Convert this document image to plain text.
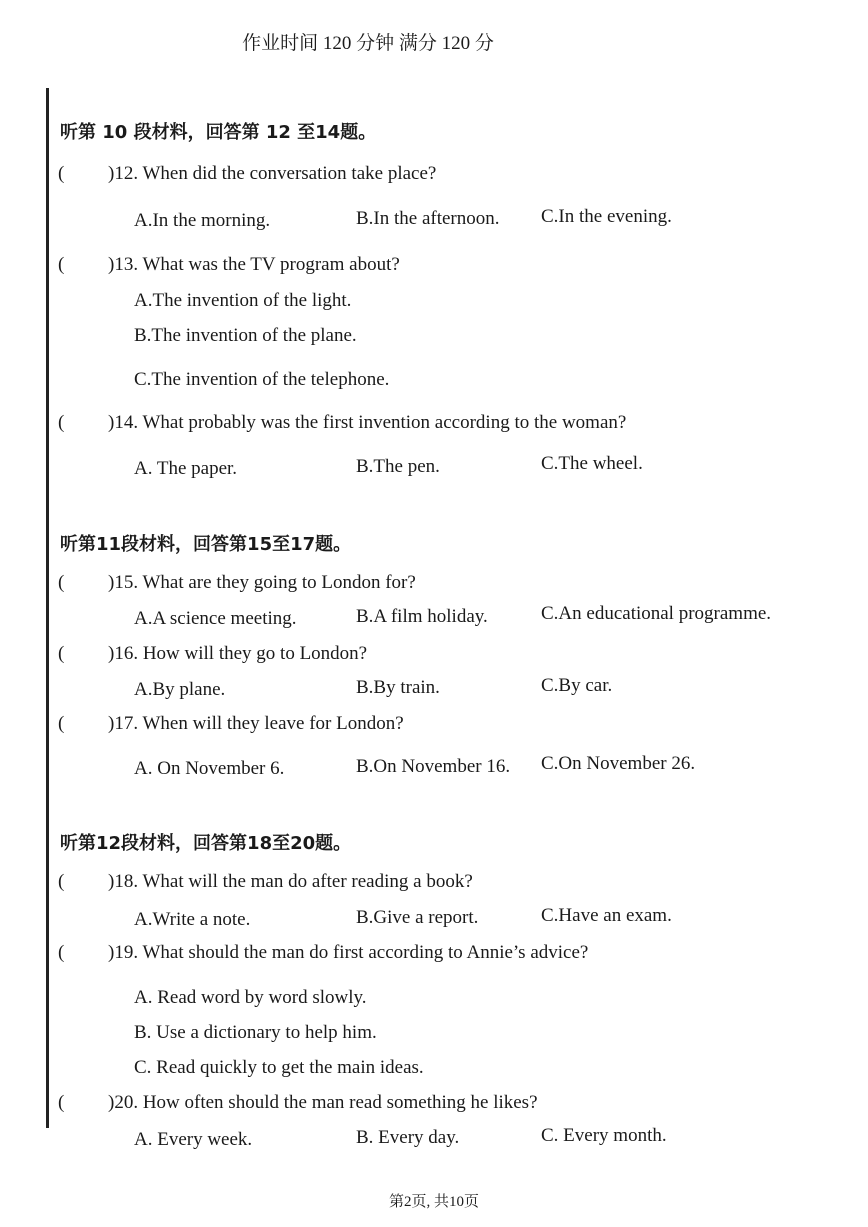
作业时间 120 分钟 满分 120 分
听第 10 段材料，回答第 12 至14题。
( )12. When did the conversation take place?
A.In the morning.	B.In the afternoon. C.In the evening.
( )13. What was the TV program about?
A.The invention of the light.
B.The invention of the plane.
C.The invention of the telephone.
( )14. What probably was the first invention according to the woman?
A. The paper.	B.The pen.	C.The wheel.
听第11段材料，回答第15至17题。
( )15. What are they going to London for?
A.A science meeting.	B.A film holiday.	C.An educational programme.
( )16. How will they go to London?
A.By plane.	B.By train.	C.By car.
( )17. When will they leave for London?
A. On November 6.	B.On November 16. C.On November 26.
听第12段材料，回答第18至20题。
( )18. What will the man do after reading a book?
A.Write a note.	B.Give a report.	C.Have an exam.
( )19. What should the man do first according to Annie’s advice?
A. Read word by word slowly.
B. Use a dictionary to help him.
C. Read quickly to get the main ideas.
( )20. How often should the man read something he likes?
A. Every week.	B. Every day.	C. Every month.
第2页, 共10页
